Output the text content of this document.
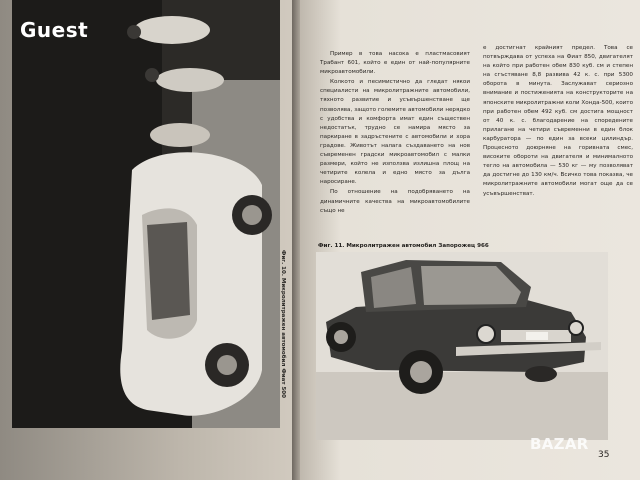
Guest
Фиг. 10. Микролитражен автомобил Фиат 500

Пример в това насока е пластмасовият Трабант 601, който е един от най-популярните микроавтомобили.

Колкото и песимистично да гледат някои специалисти на микролитражните автомобили, тяхното развитие и усъвършенстване ще позволява, защото големите автомобили нерядко с удобства и комфорта имат един съществен недостатък, трудно се намира място за паркиране в задръстените с автомобили и хора градове. Животът налага създаването на нов съвременен градски микроавтомобил с малки размери, който не използва излишна площ на четирите колела и едно място за дълга наросиране.

По отношение на подобряването на динамичните качества на микроавтомобилите също не

е достигнат крайният предел. Това се потвърждава от успеха на Фиат 850, двигателят на който при работен обем 830 куб. см и степен на сгъстяване 8,8 развива 42 к. с. при 5300 оборота в минута. Заслужават сериозно внимание и постиженията на конструкторите на японските микролитражни коли Хонда-500, които при работен обем 492 куб. см достига мощност от 40 к. с. благодарение на споредените прилагане на четири съвременни в един блок карбуратора — по един за всеки цилиндър. Процесното доюрняне на горивната смес, високите обороти на двигателя и минималното тегло на автомобила — 530 кг — му позволяват да достигне до 130 км/ч. Всичко това показва, че микролитражните автомобили могат още да се усъвършенстват.

Фиг. 11. Микролитражен автомобил Запорожец 966
BAZAR
35
